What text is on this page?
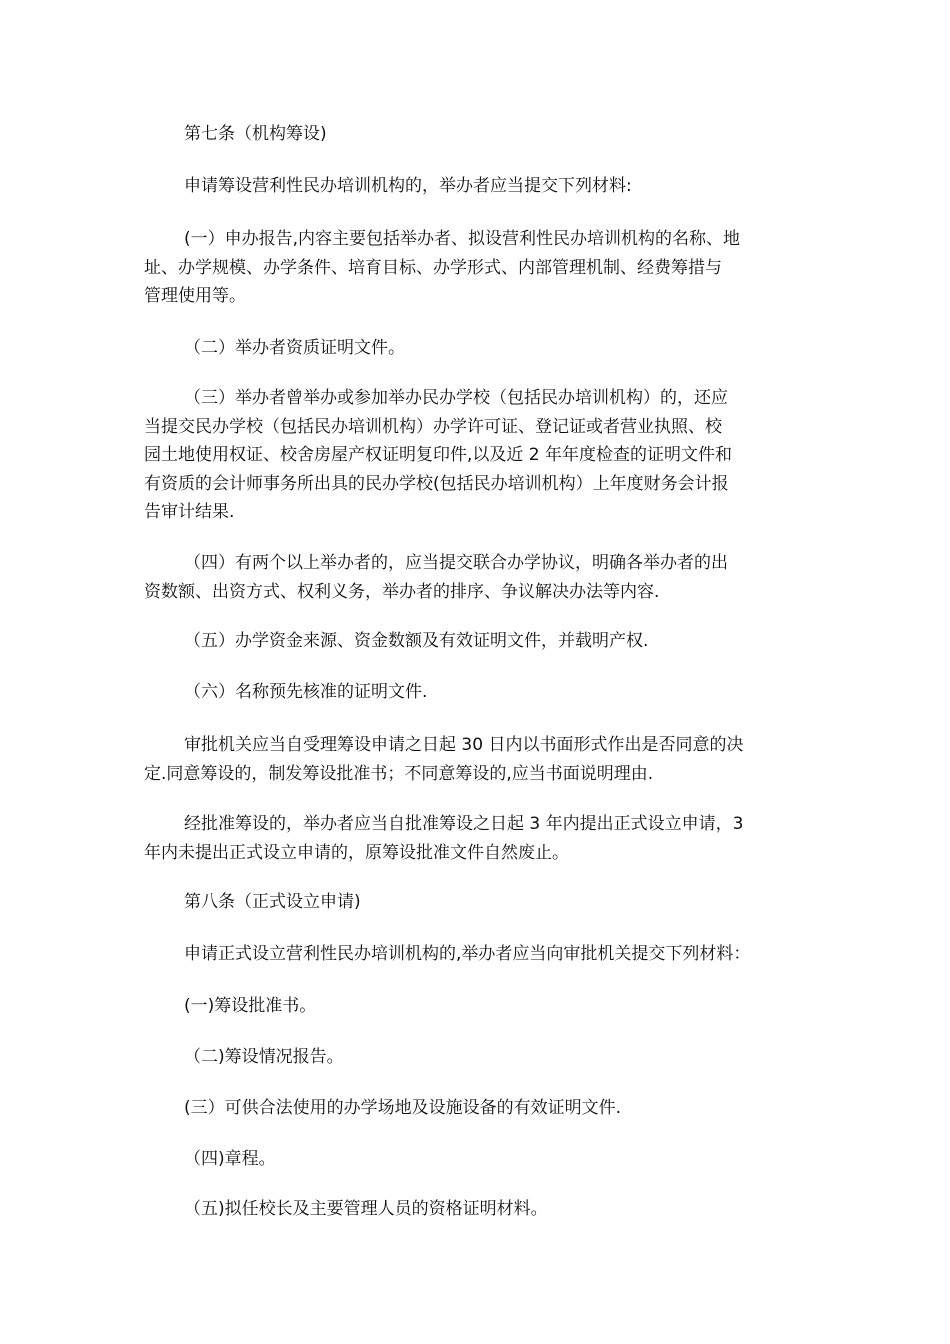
第七条（机构筹设)

申请筹设营利性民办培训机构的，举办者应当提交下列材料:

(一）申办报告,内容主要包括举办者、拟设营利性民办培训机构的名称、地
址、办学规模、办学条件、培育目标、办学形式、内部管理机制、经费筹措与
管理使用等。

（二）举办者资质证明文件。

（三）举办者曾举办或参加举办民办学校（包括民办培训机构）的，还应
当提交民办学校（包括民办培训机构）办学许可证、登记证或者营业执照、校
园土地使用权证、校舍房屋产权证明复印件,以及近 2 年年度检查的证明文件和
有资质的会计师事务所出具的民办学校(包括民办培训机构）上年度财务会计报
告审计结果.

（四）有两个以上举办者的，应当提交联合办学协议，明确各举办者的出
资数额、出资方式、权利义务，举办者的排序、争议解决办法等内容.

（五）办学资金来源、资金数额及有效证明文件，并载明产权.

（六）名称预先核准的证明文件.

审批机关应当自受理筹设申请之日起 30 日内以书面形式作出是否同意的决
定.同意筹设的，制发筹设批准书；不同意筹设的,应当书面说明理由.

经批准筹设的，举办者应当自批准筹设之日起 3 年内提出正式设立申请，3
年内未提出正式设立申请的，原筹设批准文件自然废止。

第八条（正式设立申请)

申请正式设立营利性民办培训机构的,举办者应当向审批机关提交下列材料：

(一)筹设批准书。

（二)筹设情况报告。

(三）可供合法使用的办学场地及设施设备的有效证明文件.

（四)章程。

（五)拟任校长及主要管理人员的资格证明材料。
